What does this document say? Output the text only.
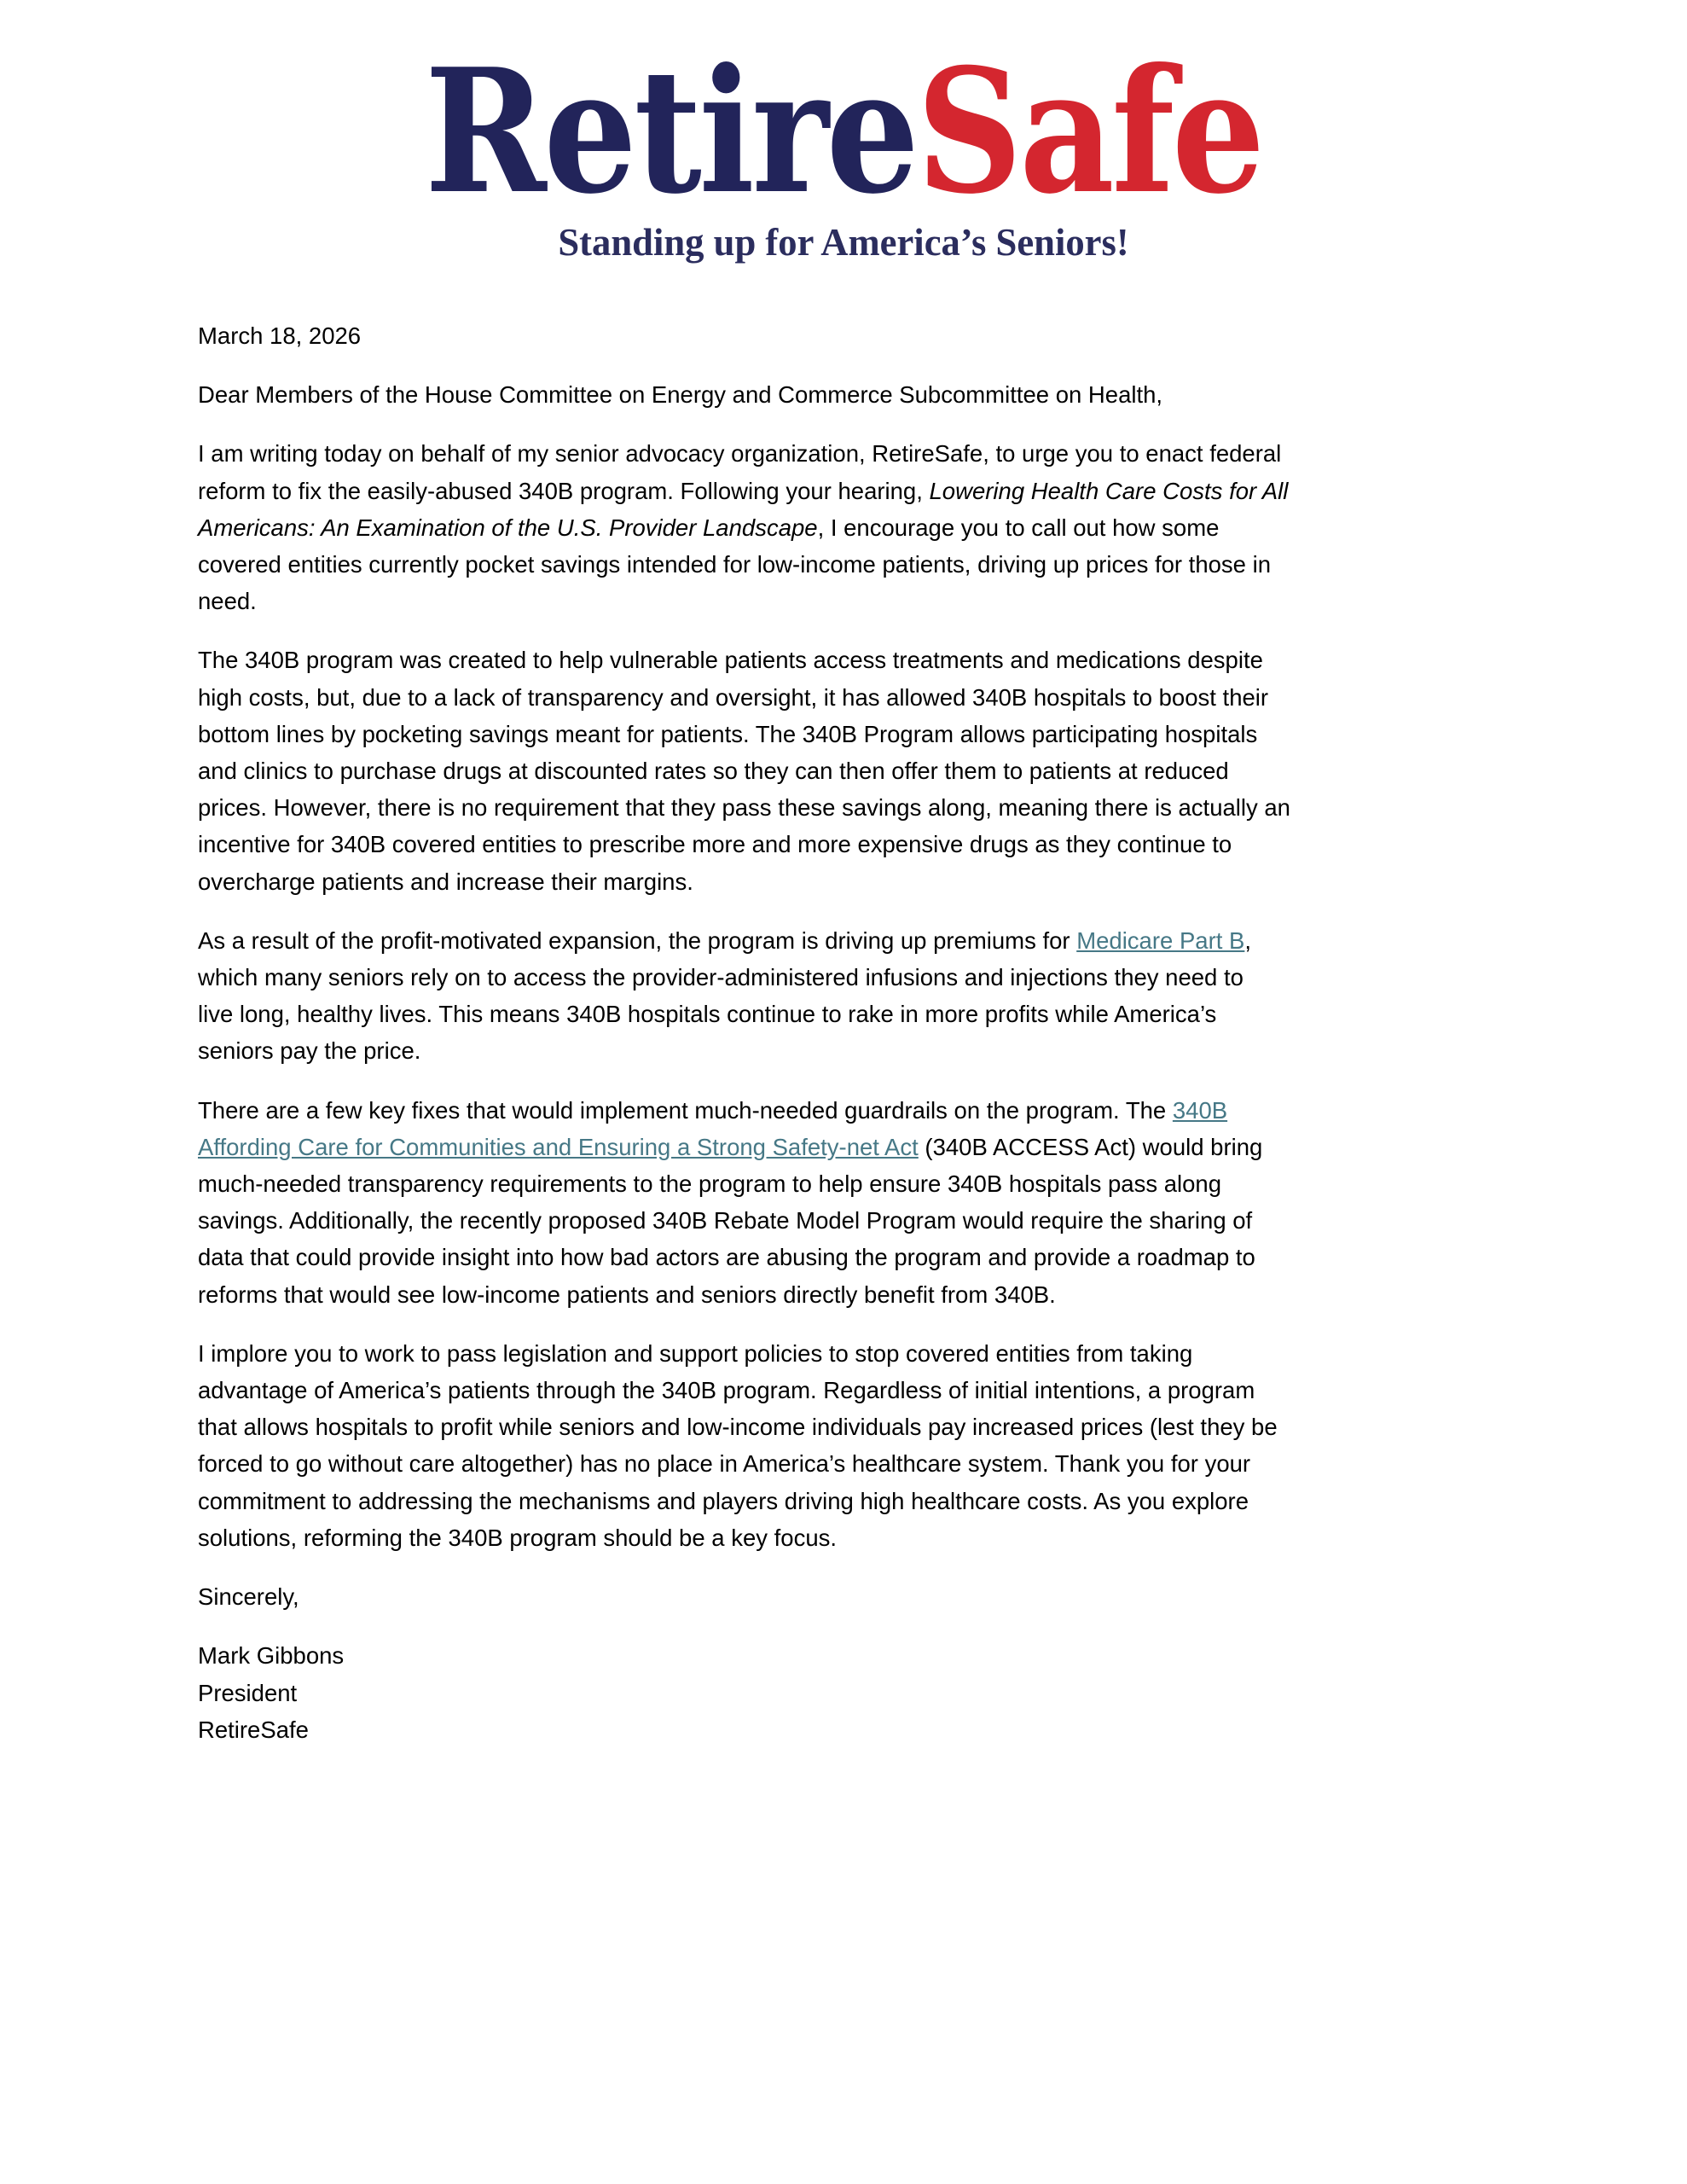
RetireSafe
Standing up for America’s Seniors!

March 18, 2026

Dear Members of the House Committee on Energy and Commerce Subcommittee on Health,

I am writing today on behalf of my senior advocacy organization, RetireSafe, to urge you to enact federal
reform to fix the easily-abused 340B program. Following your hearing, Lowering Health Care Costs for All
Americans: An Examination of the U.S. Provider Landscape, I encourage you to call out how some
covered entities currently pocket savings intended for low-income patients, driving up prices for those in
need.

The 340B program was created to help vulnerable patients access treatments and medications despite
high costs, but, due to a lack of transparency and oversight, it has allowed 340B hospitals to boost their
bottom lines by pocketing savings meant for patients. The 340B Program allows participating hospitals
and clinics to purchase drugs at discounted rates so they can then offer them to patients at reduced
prices. However, there is no requirement that they pass these savings along, meaning there is actually an
incentive for 340B covered entities to prescribe more and more expensive drugs as they continue to
overcharge patients and increase their margins.

As a result of the profit-motivated expansion, the program is driving up premiums for Medicare Part B,
which many seniors rely on to access the provider-administered infusions and injections they need to
live long, healthy lives. This means 340B hospitals continue to rake in more profits while America’s
seniors pay the price.

There are a few key fixes that would implement much-needed guardrails on the program. The 340B
Affording Care for Communities and Ensuring a Strong Safety-net Act (340B ACCESS Act) would bring
much-needed transparency requirements to the program to help ensure 340B hospitals pass along
savings. Additionally, the recently proposed 340B Rebate Model Program would require the sharing of
data that could provide insight into how bad actors are abusing the program and provide a roadmap to
reforms that would see low-income patients and seniors directly benefit from 340B.

I implore you to work to pass legislation and support policies to stop covered entities from taking
advantage of America’s patients through the 340B program. Regardless of initial intentions, a program
that allows hospitals to profit while seniors and low-income individuals pay increased prices (lest they be
forced to go without care altogether) has no place in America’s healthcare system. Thank you for your
commitment to addressing the mechanisms and players driving high healthcare costs. As you explore
solutions, reforming the 340B program should be a key focus.

Sincerely,

Mark Gibbons
President
RetireSafe
